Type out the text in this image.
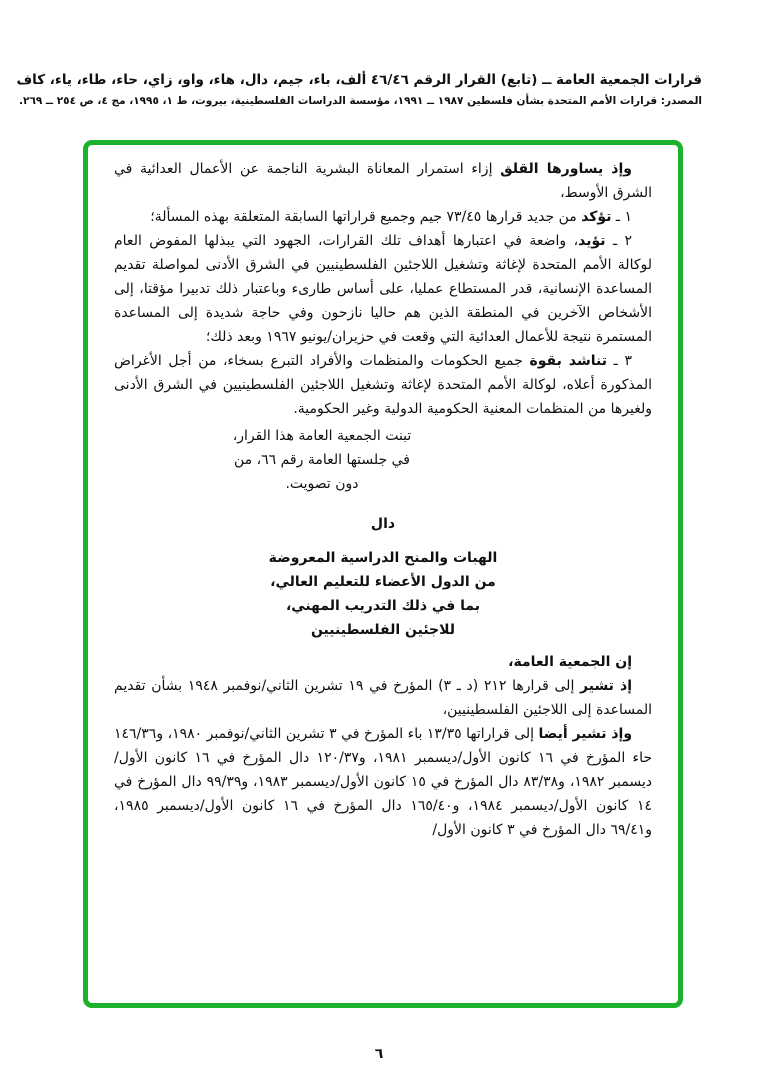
قرارات الجمعية العامة ــ (تابع) القرار الرقم ٤٦/٤٦ ألف، باء، جيم، دال، هاء، واو، زاي، حاء، طاء، ياء، كاف
المصدر: قرارات الأمم المتحدة بشأن فلسطين ١٩٨٧ ــ ١٩٩١، مؤسسة الدراسات الفلسطينية، بيروت، ط ١، ١٩٩٥، مج ٤، ص ٢٥٤ ــ ٢٦٩.

وإذ يساورها القلق إزاء استمرار المعاناة البشرية الناجمة عن الأعمال العدائية في الشرق الأوسط،

١ ـ تؤكد من جديد قرارها ٧٣/٤٥ جيم وجميع قراراتها السابقة المتعلقة بهذه المسألة؛

٢ ـ تؤيد، واضعة في اعتبارها أهداف تلك القرارات، الجهود التي يبذلها المفوض العام لوكالة الأمم المتحدة لإغاثة وتشغيل اللاجئين الفلسطينيين في الشرق الأدنى لمواصلة تقديم المساعدة الإنسانية، قدر المستطاع عمليا، على أساس طارىء وباعتبار ذلك تدبيرا مؤقتا، إلى الأشخاص الآخرين في المنطقة الذين هم حاليا نازحون وفي حاجة شديدة إلى المساعدة المستمرة نتيجة للأعمال العدائية التي وقعت في حزيران/يونيو ١٩٦٧ وبعد ذلك؛

٣ ـ تناشد بقوة جميع الحكومات والمنظمات والأفراد التبرع بسخاء، من أجل الأغراض المذكورة أعلاه، لوكالة الأمم المتحدة لإغاثة وتشغيل اللاجئين الفلسطينيين في الشرق الأدنى ولغيرها من المنظمات المعنية الحكومية الدولية وغير الحكومية.

تبنت الجمعية العامة هذا القرار،
في جلستها العامة رقم ٦٦، من
دون تصويت.
دال
الهبات والمنح الدراسية المعروضة
من الدول الأعضاء للتعليم العالي،
بما في ذلك التدريب المهني،
للاجئين الفلسطينيين

إن الجمعية العامة،

إذ تشير إلى قرارها ٢١٢ (د ـ ٣) المؤرخ في ١٩ تشرين الثاني/نوفمبر ١٩٤٨ بشأن تقديم المساعدة إلى اللاجئين الفلسطينيين،

وإذ تشير أيضا إلى قراراتها ١٣/٣٥ باء المؤرخ في ٣ تشرين الثاني/نوفمبر ١٩٨٠، و١٤٦/٣٦ حاء المؤرخ في ١٦ كانون الأول/ديسمبر ١٩٨١، و١٢٠/٣٧ دال المؤرخ في ١٦ كانون الأول/ديسمبر ١٩٨٢، و٨٣/٣٨ دال المؤرخ في ١٥ كانون الأول/ديسمبر ١٩٨٣، و٩٩/٣٩ دال المؤرخ في ١٤ كانون الأول/ديسمبر ١٩٨٤، و١٦٥/٤٠ دال المؤرخ في ١٦ كانون الأول/ديسمبر ١٩٨٥، و٦٩/٤١ دال المؤرخ في ٣ كانون الأول/

٦
